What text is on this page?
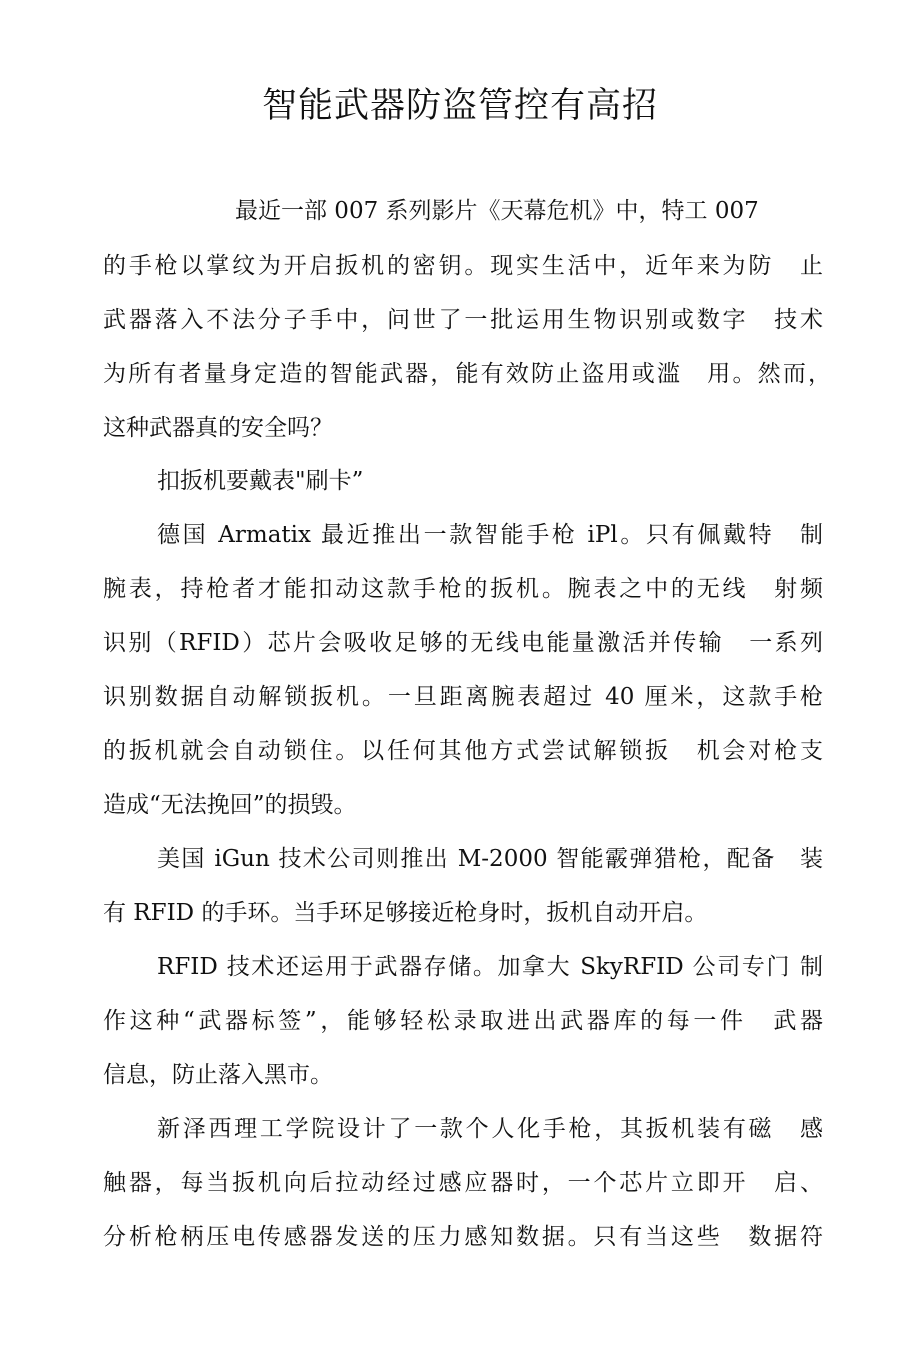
智能武器防盗管控有高招
最近一部 007 系列影片《天幕危机》中，特工 007
的手枪以掌纹为开启扳机的密钥。现实生活中，近年来为防　止
武器落入不法分子手中，问世了一批运用生物识别或数字　技术
为所有者量身定造的智能武器，能有效防止盗用或滥　用。然而，
这种武器真的安全吗？
扣扳机要戴表"刷卡”
德国 Armatix 最近推出一款智能手枪 iPl。只有佩戴特　制
腕表，持枪者才能扣动这款手枪的扳机。腕表之中的无线　射频
识别（RFID）芯片会吸收足够的无线电能量激活并传输　一系列
识别数据自动解锁扳机。一旦距离腕表超过 40 厘米，这款手枪
的扳机就会自动锁住。以任何其他方式尝试解锁扳　机会对枪支
造成“无法挽回”的损毁。
美国 iGun 技术公司则推出 M-2000 智能霰弹猎枪，配备　装
有 RFID 的手环。当手环足够接近枪身时，扳机自动开启。
RFID 技术还运用于武器存储。加拿大 SkyRFID 公司专门 制
作这种“武器标签”，能够轻松录取进出武器库的每一件　武器
信息，防止落入黑市。
新泽西理工学院设计了一款个人化手枪，其扳机装有磁　感
触器，每当扳机向后拉动经过感应器时，一个芯片立即开　启、
分析枪柄压电传感器发送的压力感知数据。只有当这些　数据符
